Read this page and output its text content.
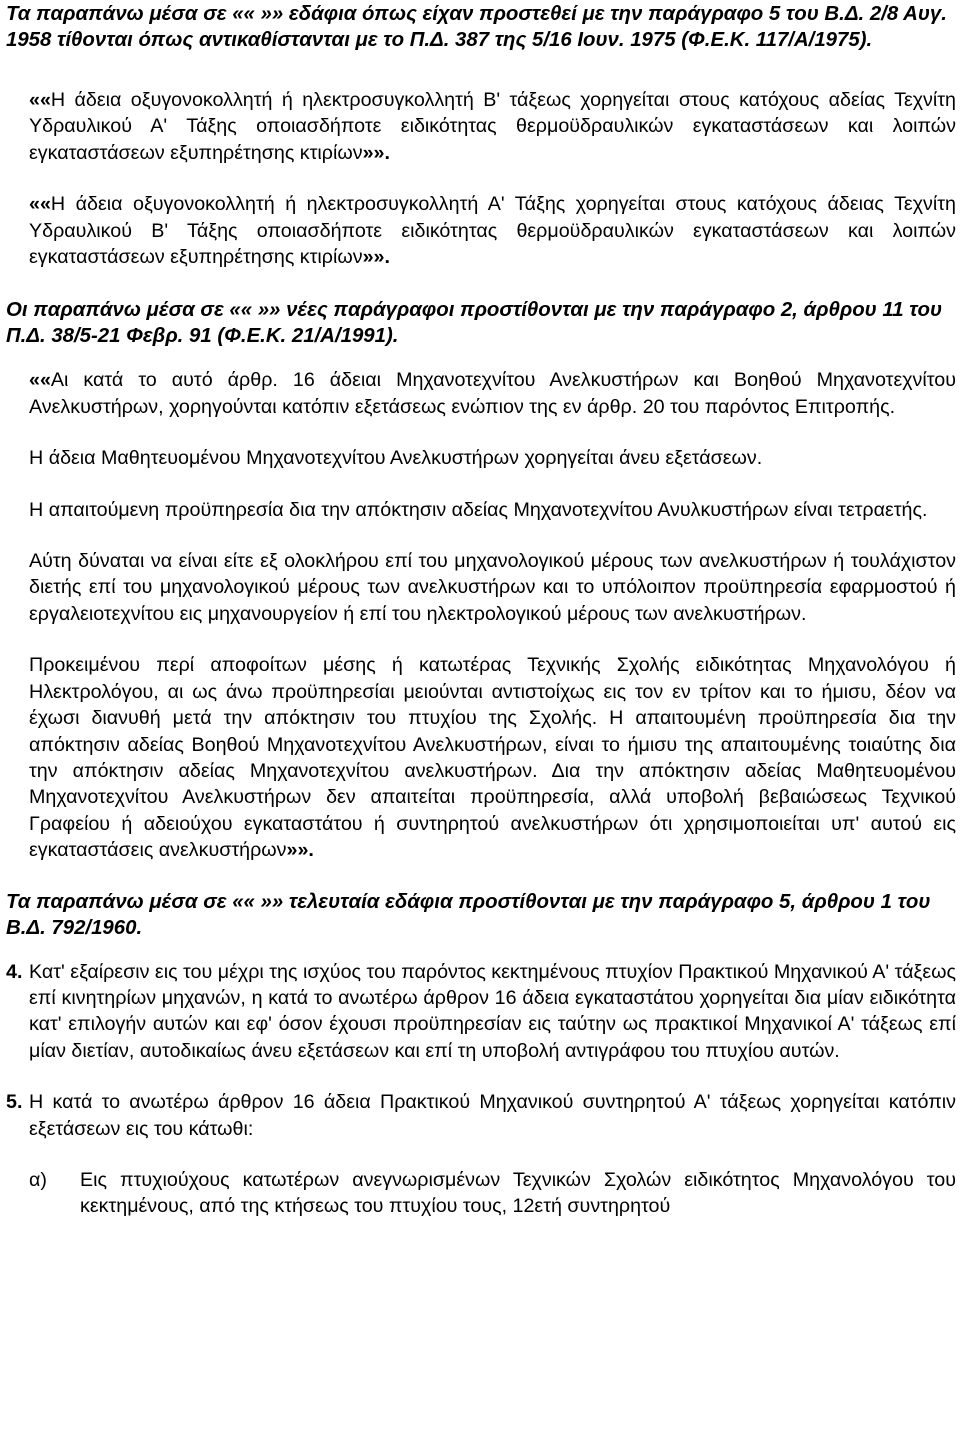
Τα παραπάνω μέσα σε «« »» εδάφια όπως είχαν προστεθεί με την παράγραφο 5 του Β.Δ. 2/8 Αυγ. 1958 τίθονται όπως αντικαθίστανται με το Π.Δ. 387 της 5/16 Ιουν. 1975 (Φ.Ε.Κ. 117/Α/1975).

««Η άδεια οξυγονοκολλητή ή ηλεκτροσυγκολλητή Β' τάξεως χορηγείται στους κατόχους αδείας Τεχνίτη Υδραυλικού Α' Τάξης οποιασδήποτε ειδικότητας θερμοϋδραυλικών εγκαταστάσεων και λοιπών εγκαταστάσεων εξυπηρέτησης κτιρίων»».

««Η άδεια οξυγονοκολλητή ή ηλεκτροσυγκολλητή Α' Τάξης χορηγείται στους κατόχους άδειας Τεχνίτη Υδραυλικού Β' Τάξης οποιασδήποτε ειδικότητας θερμοϋδραυλικών εγκαταστάσεων και λοιπών εγκαταστάσεων εξυπηρέτησης κτιρίων»».

Οι παραπάνω μέσα σε «« »» νέες παράγραφοι προστίθονται με την παράγραφο 2, άρθρου 11 του Π.Δ. 38/5-21 Φεβρ. 91 (Φ.Ε.Κ. 21/Α/1991).

««Αι κατά το αυτό άρθρ. 16 άδειαι Μηχανοτεχνίτου Ανελκυστήρων και Βοηθού Μηχανοτεχνίτου Ανελκυστήρων, χορηγούνται κατόπιν εξετάσεως ενώπιον της εν άρθρ. 20 του παρόντος Επιτροπής.

Η άδεια Μαθητευομένου Μηχανοτεχνίτου Ανελκυστήρων χορηγείται άνευ εξετάσεων.

Η απαιτούμενη προϋπηρεσία δια την απόκτησιν αδείας Μηχανοτεχνίτου Ανυλκυστήρων είναι τετραετής.

Αύτη δύναται να είναι είτε εξ ολοκλήρου επί του μηχανολογικού μέρους των ανελκυστήρων ή τουλάχιστον διετής επί του μηχανολογικού μέρους των ανελκυστήρων και το υπόλοιπον προϋπηρεσία εφαρμοστού ή εργαλειοτεχνίτου εις μηχανουργείον ή επί του ηλεκτρολογικού μέρους των ανελκυστήρων.

Προκειμένου περί αποφοίτων μέσης ή κατωτέρας Τεχνικής Σχολής ειδικότητας Μηχανολόγου ή Ηλεκτρολόγου, αι ως άνω προϋπηρεσίαι μειούνται αντιστοίχως εις τον εν τρίτον και το ήμισυ, δέον να έχωσι διανυθή μετά την απόκτησιν του πτυχίου της Σχολής. Η απαιτουμένη προϋπηρεσία δια την απόκτησιν αδείας Βοηθού Μηχανοτεχνίτου Ανελκυστήρων, είναι το ήμισυ της απαιτουμένης τοιαύτης δια την απόκτησιν αδείας Μηχανοτεχνίτου ανελκυστήρων. Δια την απόκτησιν αδείας Μαθητευομένου Μηχανοτεχνίτου Ανελκυστήρων δεν απαιτείται προϋπηρεσία, αλλά υποβολή βεβαιώσεως Τεχνικού Γραφείου ή αδειούχου εγκαταστάτου ή συντηρητού ανελκυστήρων ότι χρησιμοποιείται υπ' αυτού εις εγκαταστάσεις ανελκυστήρων»».

Τα παραπάνω μέσα σε «« »» τελευταία εδάφια προστίθονται με την παράγραφο 5, άρθρου 1 του Β.Δ. 792/1960.

4. Κατ' εξαίρεσιν εις του μέχρι της ισχύος του παρόντος κεκτημένους πτυχίον Πρακτικού Μηχανικού Α' τάξεως επί κινητηρίων μηχανών, η κατά το ανωτέρω άρθρον 16 άδεια εγκαταστάτου χορηγείται δια μίαν ειδικότητα κατ' επιλογήν αυτών και εφ' όσον έχουσι προϋπηρεσίαν εις ταύτην ως πρακτικοί Μηχανικοί Α' τάξεως επί μίαν διετίαν, αυτοδικαίως άνευ εξετάσεων και επί τη υποβολή αντιγράφου του πτυχίου αυτών.

5. Η κατά το ανωτέρω άρθρον 16 άδεια Πρακτικού Μηχανικού συντηρητού Α' τάξεως χορηγείται κατόπιν εξετάσεων εις του κάτωθι:

α)	Εις πτυχιούχους κατωτέρων ανεγνωρισμένων Τεχνικών Σχολών ειδικότητος Μηχανολόγου του κεκτημένους, από της κτήσεως του πτυχίου τους, 12ετή συντηρητού
